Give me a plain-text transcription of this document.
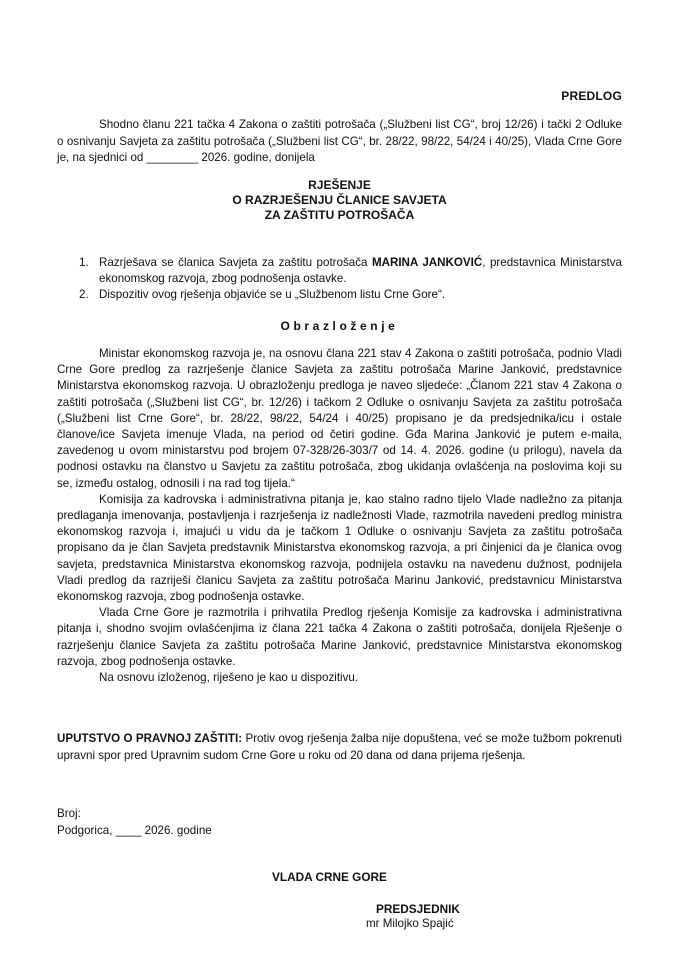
PREDLOG
Shodno članu 221 tačka 4 Zakona o zaštiti potrošača („Službeni list CG“, broj 12/26) i tački 2 Odluke o osnivanju Savjeta za zaštitu potrošača („Službeni list CG“, br. 28/22, 98/22, 54/24 i 40/25), Vlada Crne Gore je, na sjednici od ________ 2026. godine, donijela
RJEŠENJE
O RAZRJEŠENJU ČLANICE SAVJETA
ZA ZAŠTITU POTROŠAČA
1. Razrješava se članica Savjeta za zaštitu potrošača MARINA JANKOVIĆ, predstavnica Ministarstva ekonomskog razvoja, zbog podnošenja ostavke.
2. Dispozitiv ovog rješenja objaviće se u „Službenom listu Crne Gore“.
Obrazloženje

Ministar ekonomskog razvoja je, na osnovu člana 221 stav 4 Zakona o zaštiti potrošača, podnio Vladi Crne Gore predlog za razrješenje članice Savjeta za zaštitu potrošača Marine Janković, predstavnice Ministarstva ekonomskog razvoja. U obrazloženju predloga je naveo sljedeće: „Članom 221 stav 4 Zakona o zaštiti potrošača („Službeni list CG“, br. 12/26) i tačkom 2 Odluke o osnivanju Savjeta za zaštitu potrošača („Službeni list Crne Gore“, br. 28/22, 98/22, 54/24 i 40/25) propisano je da predsjednika/icu i ostale članove/ice Savjeta imenuje Vlada, na period od četiri godine. Gđa Marina Janković je putem e-maila, zavedenog u ovom ministarstvu pod brojem 07-328/26-303/7 od 14. 4. 2026. godine (u prilogu), navela da podnosi ostavku na članstvo u Savjetu za zaštitu potrošača, zbog ukidanja ovlašćenja na poslovima koji su se, između ostalog, odnosili i na rad tog tijela.“

Komisija za kadrovska i administrativna pitanja je, kao stalno radno tijelo Vlade nadležno za pitanja predlaganja imenovanja, postavljenja i razrješenja iz nadležnosti Vlade, razmotrila navedeni predlog ministra ekonomskog razvoja i, imajući u vidu da je tačkom 1 Odluke o osnivanju Savjeta za zaštitu potrošača propisano da je član Savjeta predstavnik Ministarstva ekonomskog razvoja, a pri činjenici da je članica ovog savjeta, predstavnica Ministarstva ekonomskog razvoja, podnijela ostavku na navedenu dužnost, podnijela Vladi predlog da razriješi članicu Savjeta za zaštitu potrošača Marinu Janković, predstavnicu Ministarstva ekonomskog razvoja, zbog podnošenja ostavke.

Vlada Crne Gore je razmotrila i prihvatila Predlog rješenja Komisije za kadrovska i administrativna pitanja i, shodno svojim ovlašćenjima iz člana 221 tačka 4 Zakona o zaštiti potrošača, donijela Rješenje o razrješenju članice Savjeta za zaštitu potrošača Marine Janković, predstavnice Ministarstva ekonomskog razvoja, zbog podnošenja ostavke.

Na osnovu izloženog, riješeno je kao u dispozitivu.

UPUTSTVO O PRAVNOJ ZAŠTITI: Protiv ovog rješenja žalba nije dopuštena, već se može tužbom pokrenuti upravni spor pred Upravnim sudom Crne Gore u roku od 20 dana od dana prijema rješenja.
Broj:
Podgorica, ____ 2026. godine
VLADA CRNE GORE
PREDSJEDNIK
mr Milojko Spajić
